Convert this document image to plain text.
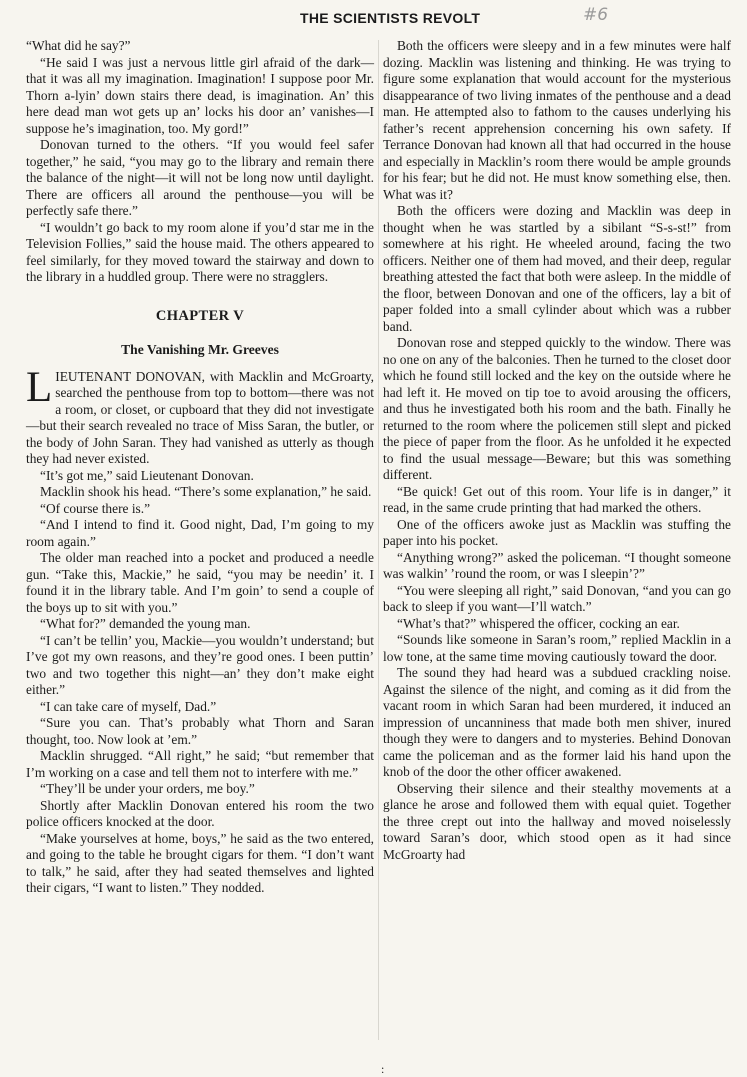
THE SCIENTISTS REVOLT	#6

“What did he say?”

“He said I was just a nervous little girl afraid of the dark—that it was all my imagination. Imagination! I suppose poor Mr. Thorn a-lyin’ down stairs there dead, is imagination. An’ this here dead man wot gets up an’ locks his door an’ vanishes—I suppose he’s imagination, too. My gord!”

Donovan turned to the others. “If you would feel safer together,” he said, “you may go to the library and remain there the balance of the night—it will not be long now until daylight. There are officers all around the penthouse—you will be perfectly safe there.”

“I wouldn’t go back to my room alone if you’d star me in the Television Follies,” said the house maid. The others appeared to feel similarly, for they moved toward the stairway and down to the library in a huddled group. There were no stragglers.

CHAPTER V
The Vanishing Mr. Greeves

LIEUTENANT DONOVAN, with Macklin and McGroarty, searched the penthouse from top to bottom—there was not a room, or closet, or cupboard that they did not investigate—but their search revealed no trace of Miss Saran, the butler, or the body of John Saran. They had vanished as utterly as though they had never existed.

“It’s got me,” said Lieutenant Donovan.

Macklin shook his head. “There’s some explanation,” he said.

“Of course there is.”

“And I intend to find it. Good night, Dad, I’m going to my room again.”

The older man reached into a pocket and produced a needle gun. “Take this, Mackie,” he said, “you may be needin’ it. I found it in the library table. And I’m goin’ to send a couple of the boys up to sit with you.”

“What for?” demanded the young man.

“I can’t be tellin’ you, Mackie—you wouldn’t understand; but I’ve got my own reasons, and they’re good ones. I been puttin’ two and two together this night—an’ they don’t make eight either.”

“I can take care of myself, Dad.”

“Sure you can. That’s probably what Thorn and Saran thought, too. Now look at ’em.”

Macklin shrugged. “All right,” he said; “but remember that I’m working on a case and tell them not to interfere with me.”

“They’ll be under your orders, me boy.”

Shortly after Macklin Donovan entered his room the two police officers knocked at the door.

“Make yourselves at home, boys,” he said as the two entered, and going to the table he brought cigars for them. “I don’t want to talk,” he said, after they had seated themselves and lighted their cigars, “I want to listen.” They nodded.

Both the officers were sleepy and in a few minutes were half dozing. Macklin was listening and thinking. He was trying to figure some explanation that would account for the mysterious disappearance of two living inmates of the penthouse and a dead man. He attempted also to fathom to the causes underlying his father’s recent apprehension concerning his own safety. If Terrance Donovan had known all that had occurred in the house and especially in Macklin’s room there would be ample grounds for his fear; but he did not. He must know something else, then. What was it?

Both the officers were dozing and Macklin was deep in thought when he was startled by a sibilant “S-s-st!” from somewhere at his right. He wheeled around, facing the two officers. Neither one of them had moved, and their deep, regular breathing attested the fact that both were asleep. In the middle of the floor, between Donovan and one of the officers, lay a bit of paper folded into a small cylinder about which was a rubber band.

Donovan rose and stepped quickly to the window. There was no one on any of the balconies. Then he turned to the closet door which he found still locked and the key on the outside where he had left it. He moved on tip toe to avoid arousing the officers, and thus he investigated both his room and the bath. Finally he returned to the room where the policemen still slept and picked the piece of paper from the floor. As he unfolded it he expected to find the usual message—Beware; but this was something different.

“Be quick! Get out of this room. Your life is in danger,” it read, in the same crude printing that had marked the others.

One of the officers awoke just as Macklin was stuffing the paper into his pocket.

“Anything wrong?” asked the policeman. “I thought someone was walkin’ ’round the room, or was I sleepin’?”

“You were sleeping all right,” said Donovan, “and you can go back to sleep if you want—I’ll watch.”

“What’s that?” whispered the officer, cocking an ear.

“Sounds like someone in Saran’s room,” replied Macklin in a low tone, at the same time moving cautiously toward the door.

The sound they had heard was a subdued crackling noise. Against the silence of the night, and coming as it did from the vacant room in which Saran had been murdered, it induced an impression of uncanniness that made both men shiver, inured though they were to dangers and to mysteries. Behind Donovan came the policeman and as the former laid his hand upon the knob of the door the other officer awakened.

Observing their silence and their stealthy movements at a glance he arose and followed them with equal quiet. Together the three crept out into the hallway and moved noiselessly toward Saran’s door, which stood open as it had since McGroarty had

:
